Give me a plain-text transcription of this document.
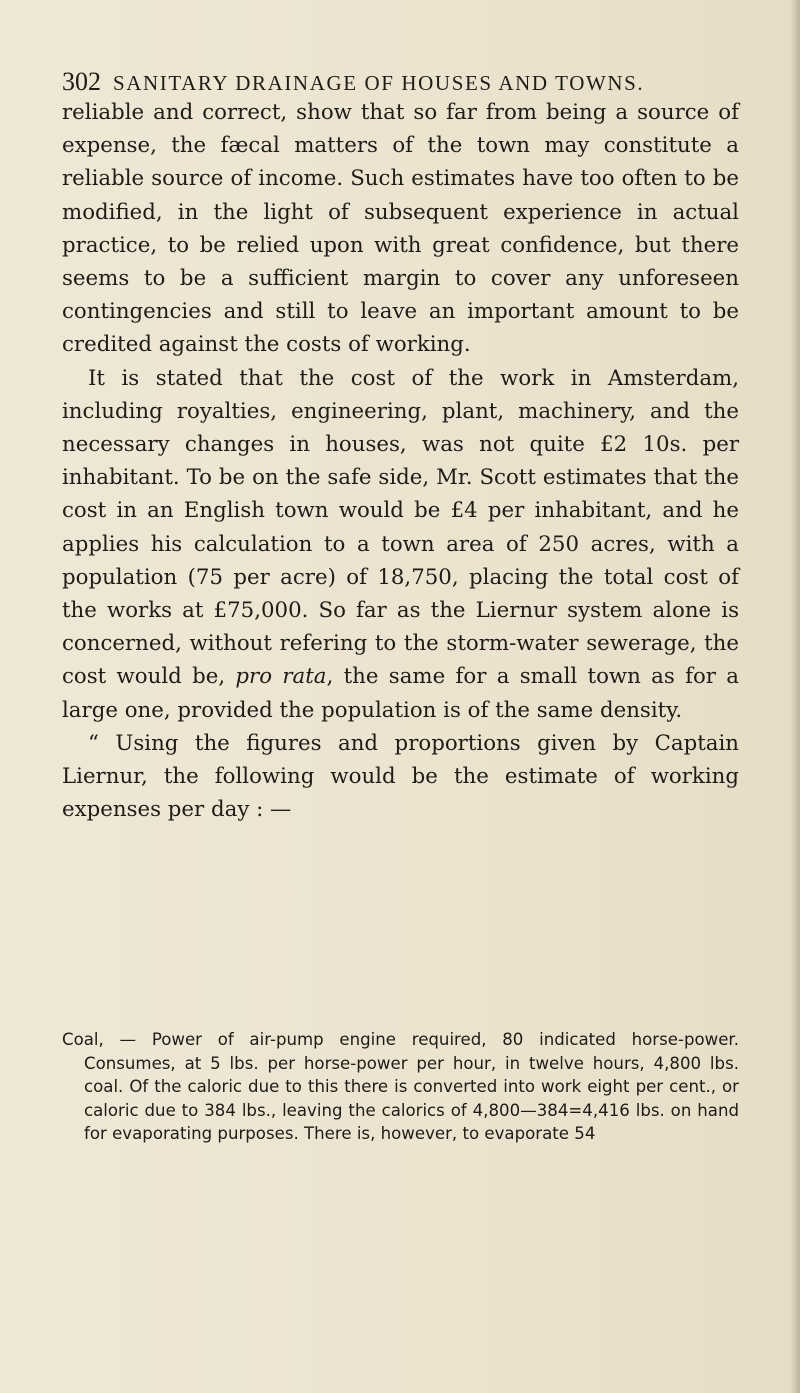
302 SANITARY DRAINAGE OF HOUSES AND TOWNS.

reliable and correct, show that so far from being a source of expense, the fæcal matters of the town may constitute a reliable source of income. Such estimates have too often to be modified, in the light of subsequent experience in actual practice, to be relied upon with great confidence, but there seems to be a sufficient margin to cover any unforeseen contingencies and still to leave an important amount to be credited against the costs of working.

It is stated that the cost of the work in Amsterdam, including royalties, engineering, plant, machinery, and the necessary changes in houses, was not quite £2 10s. per inhabitant. To be on the safe side, Mr. Scott estimates that the cost in an English town would be £4 per inhabitant, and he applies his calculation to a town area of 250 acres, with a population (75 per acre) of 18,750, placing the total cost of the works at £75,000. So far as the Liernur system alone is concerned, without refering to the storm-water sewerage, the cost would be, pro rata, the same for a small town as for a large one, provided the population is of the same density.

“ Using the figures and proportions given by Captain Liernur, the following would be the estimate of working expenses per day : —

Coal, — Power of air-pump engine required, 80 indicated horse-power. Consumes, at 5 lbs. per horse-power per hour, in twelve hours, 4,800 lbs. coal. Of the caloric due to this there is converted into work eight per cent., or caloric due to 384 lbs., leaving the calorics of 4,800—384=4,416 lbs. on hand for evaporating purposes. There is, however, to evaporate 54
